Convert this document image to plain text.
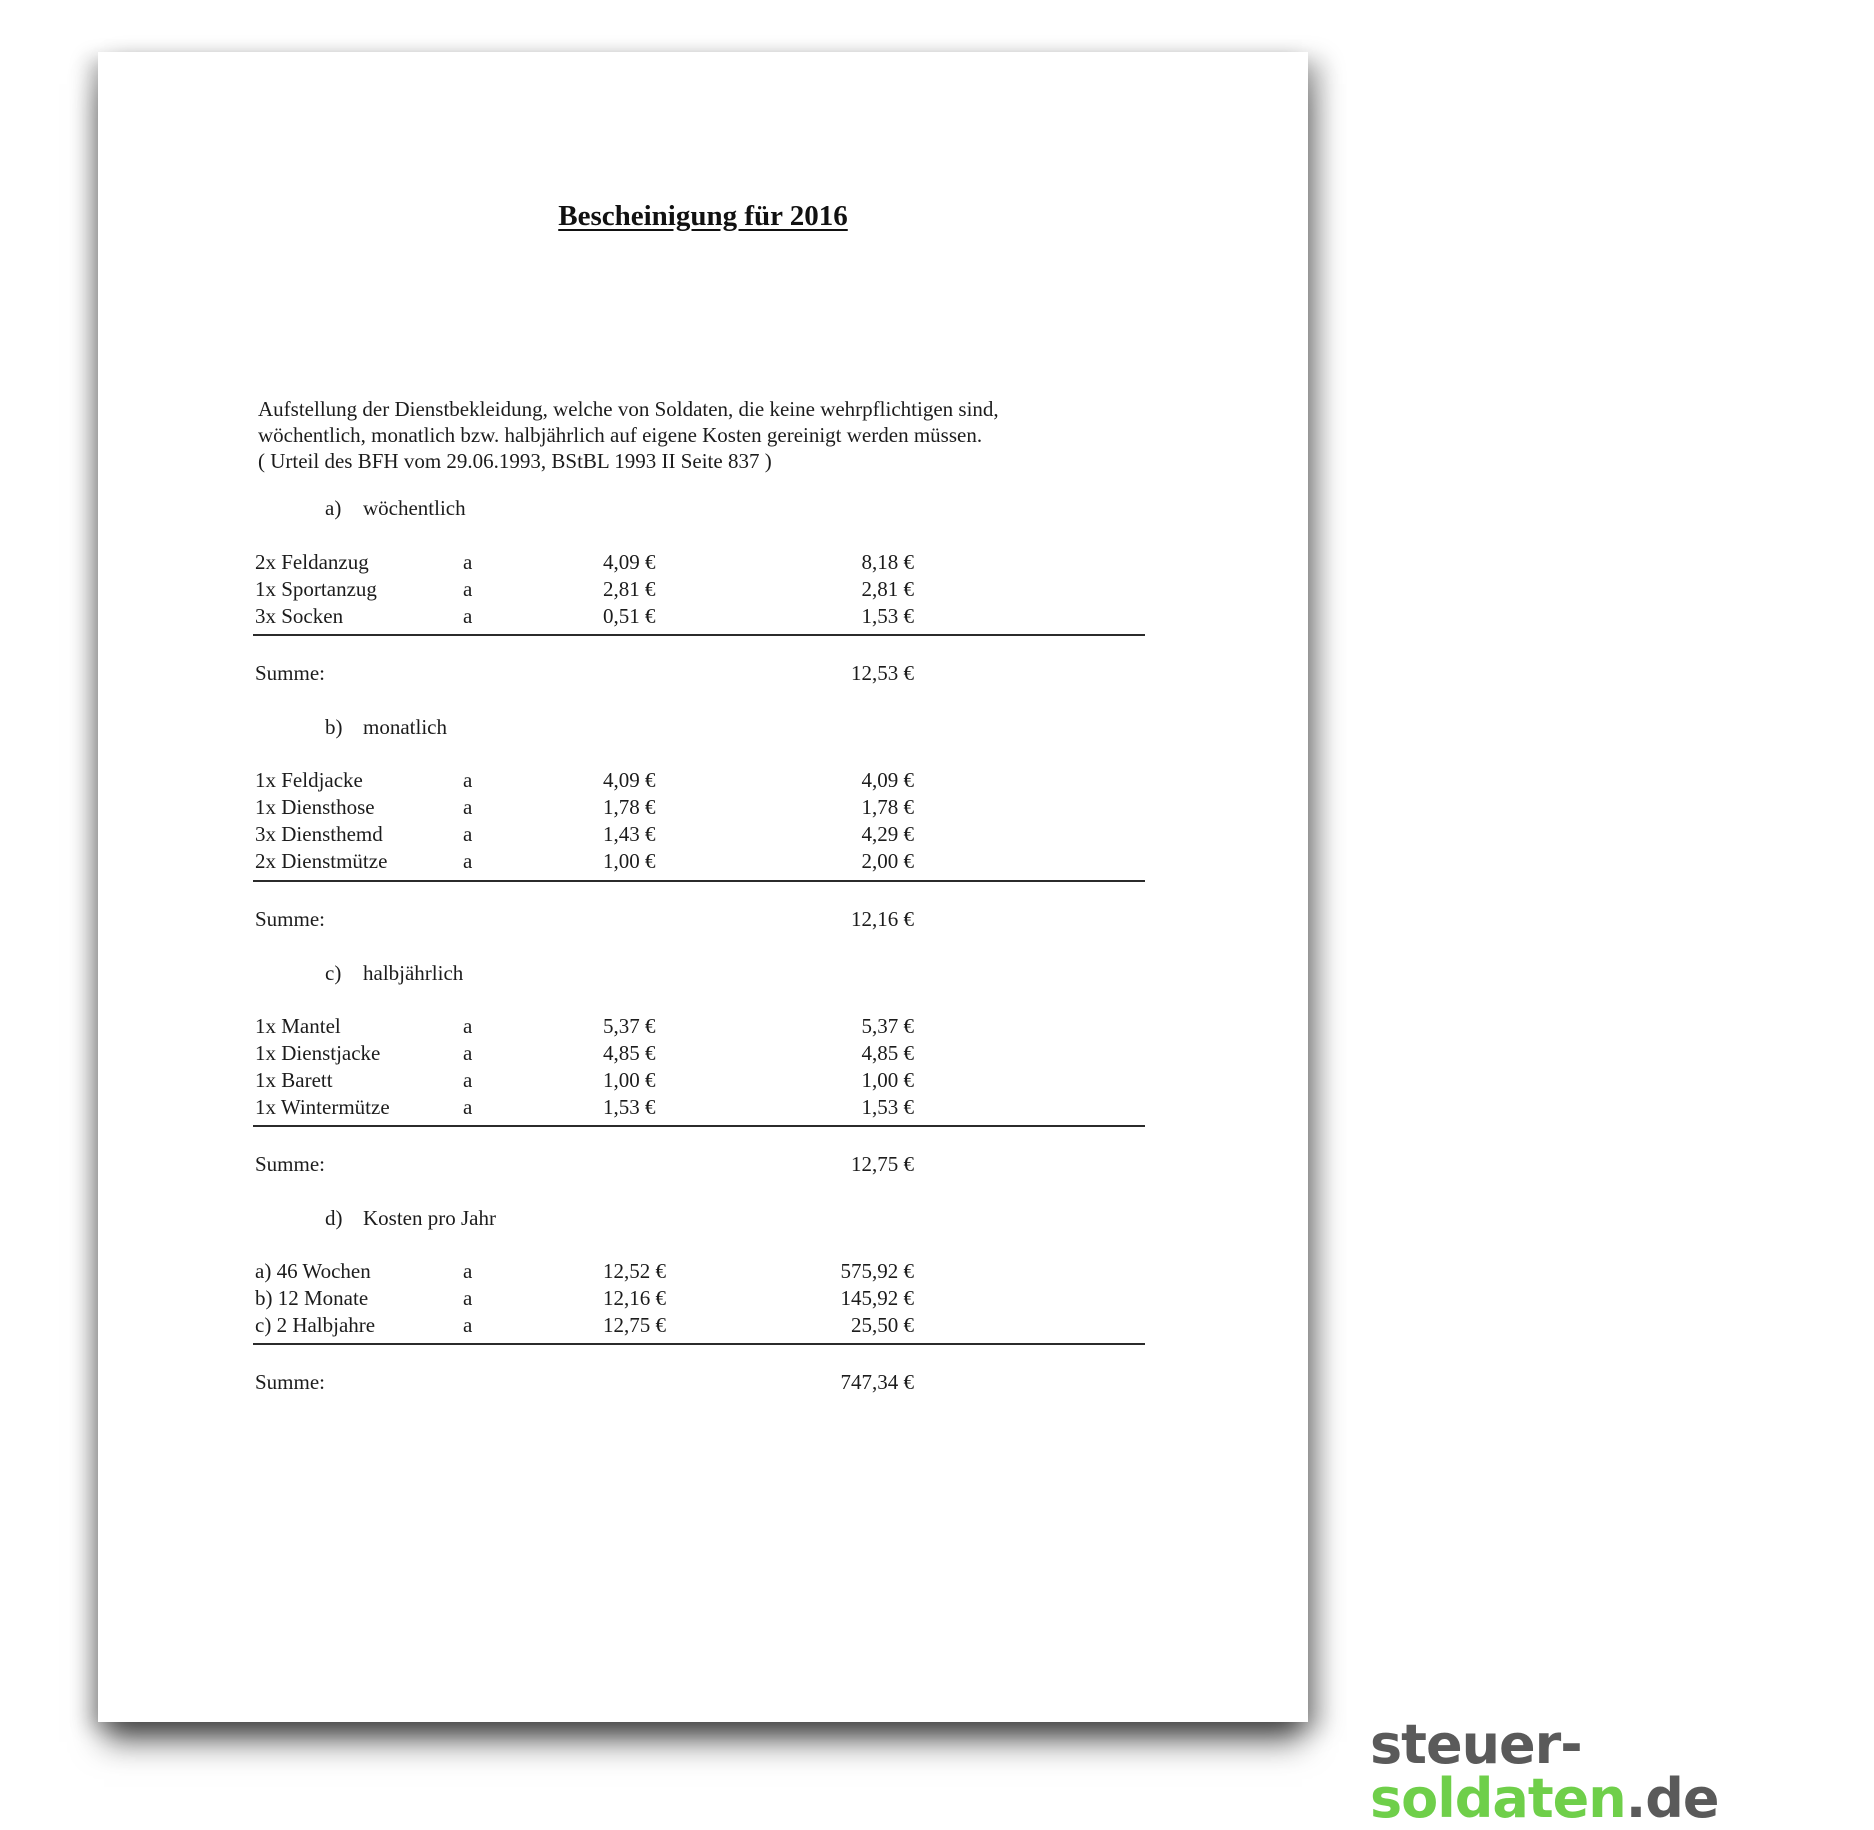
Bescheinigung für 2016
Aufstellung der Dienstbekleidung, welche von Soldaten, die keine wehrpflichtigen sind,
wöchentlich, monatlich bzw. halbjährlich auf eigene Kosten gereinigt werden müssen.
( Urteil des BFH vom 29.06.1993, BStBL 1993 II Seite 837 )
a) wöchentlich
2x Feldanzug	a	4,09 €	8,18 €
1x Sportanzug	a	2,81 €	2,81 €
3x Socken	a	0,51 €	1,53 €
Summe:	12,53 €
b) monatlich
1x Feldjacke	a	4,09 €	4,09 €
1x Diensthose	a	1,78 €	1,78 €
3x Diensthemd	a	1,43 €	4,29 €
2x Dienstmütze	a	1,00 €	2,00 €
Summe:	12,16 €
c) halbjährlich
1x Mantel	a	5,37 €	5,37 €
1x Dienstjacke	a	4,85 €	4,85 €
1x Barett	a	1,00 €	1,00 €
1x Wintermütze	a	1,53 €	1,53 €
Summe:	12,75 €
d) Kosten pro Jahr
a) 46 Wochen	a	12,52 €	575,92 €
b) 12 Monate	a	12,16 €	145,92 €
c) 2 Halbjahre	a	12,75 €	25,50 €
Summe:	747,34 €
steuer-soldaten.de
